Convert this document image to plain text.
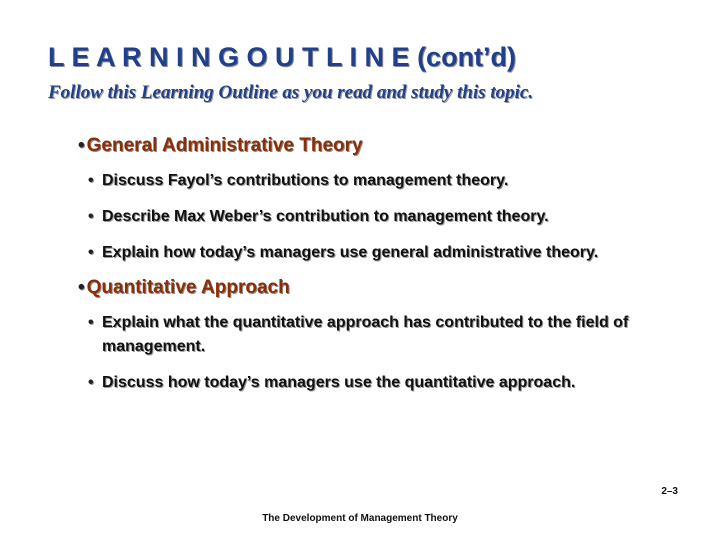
L E A R N I N G O U T L I N E (cont’d)
Follow this Learning Outline as you read and study this topic.
• General Administrative Theory
• Discuss Fayol’s contributions to management theory.
• Describe Max Weber’s contribution to management theory.
• Explain how today’s managers use general administrative theory.
• Quantitative Approach
• Explain what the quantitative approach has contributed to the field of management.
• Discuss how today’s managers use the quantitative approach.
2–3
The Development of Management Theory
